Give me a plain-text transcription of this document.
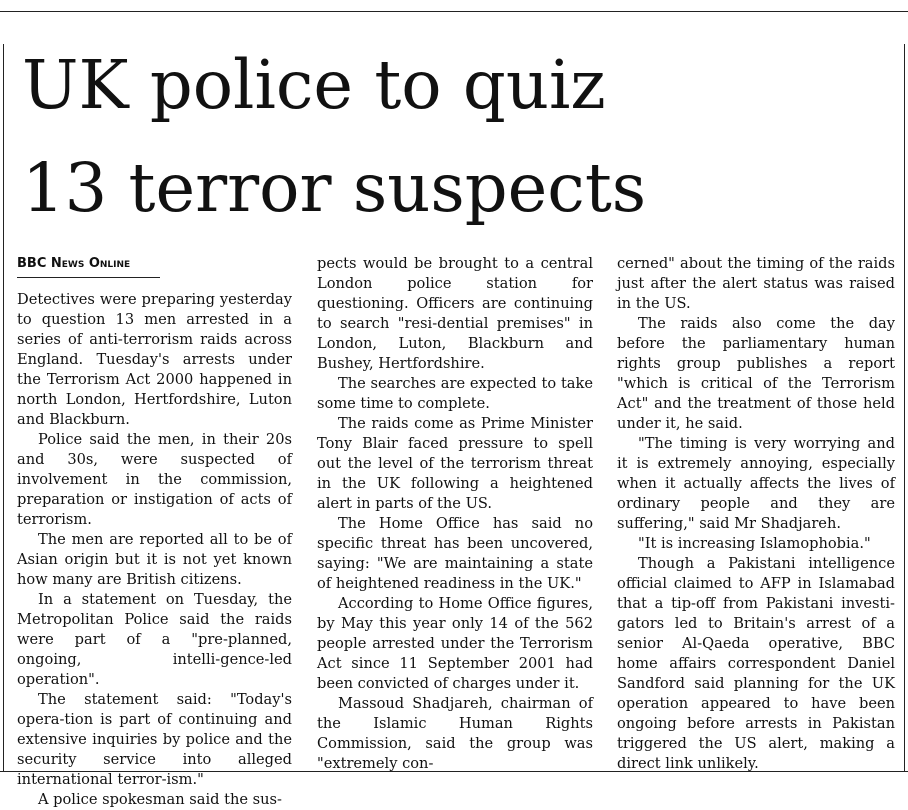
UK police to quiz
13 terror suspects
BBC News Online

Detectives were preparing yesterday to question 13 men arrested in a series of anti-terrorism raids across England. Tuesday's arrests under the Terrorism Act 2000 happened in north London, Hertfordshire, Luton and Blackburn.

Police said the men, in their 20s and 30s, were suspected of involvement in the commission, preparation or instigation of acts of terrorism.

The men are reported all to be of Asian origin but it is not yet known how many are British citizens.

In a statement on Tuesday, the Metropolitan Police said the raids were part of a "pre-planned, ongoing, intelli-gence-led operation".

The statement said: "Today's opera-tion is part of continuing and extensive inquiries by police and the security service into alleged international terror-ism."

A police spokesman said the sus-

pects would be brought to a central London police station for questioning. Officers are continuing to search "resi-dential premises" in London, Luton, Blackburn and Bushey, Hertfordshire.

The searches are expected to take some time to complete.

The raids come as Prime Minister Tony Blair faced pressure to spell out the level of the terrorism threat in the UK following a heightened alert in parts of the US.

The Home Office has said no specific threat has been uncovered, saying: "We are maintaining a state of heightened readiness in the UK."

According to Home Office figures, by May this year only 14 of the 562 people arrested under the Terrorism Act since 11 September 2001 had been convicted of charges under it.

Massoud Shadjareh, chairman of the Islamic Human Rights Commission, said the group was "extremely con-

cerned" about the timing of the raids just after the alert status was raised in the US.

The raids also come the day before the parliamentary human rights group publishes a report "which is critical of the Terrorism Act" and the treatment of those held under it, he said.

"The timing is very worrying and it is extremely annoying, especially when it actually affects the lives of ordinary people and they are suffering," said Mr Shadjareh.

"It is increasing Islamophobia."

Though a Pakistani intelligence official claimed to AFP in Islamabad that a tip-off from Pakistani investi-gators led to Britain's arrest of a senior Al-Qaeda operative, BBC home affairs correspondent Daniel Sandford said planning for the UK operation appeared to have been ongoing before arrests in Pakistan triggered the US alert, making a direct link unlikely.
